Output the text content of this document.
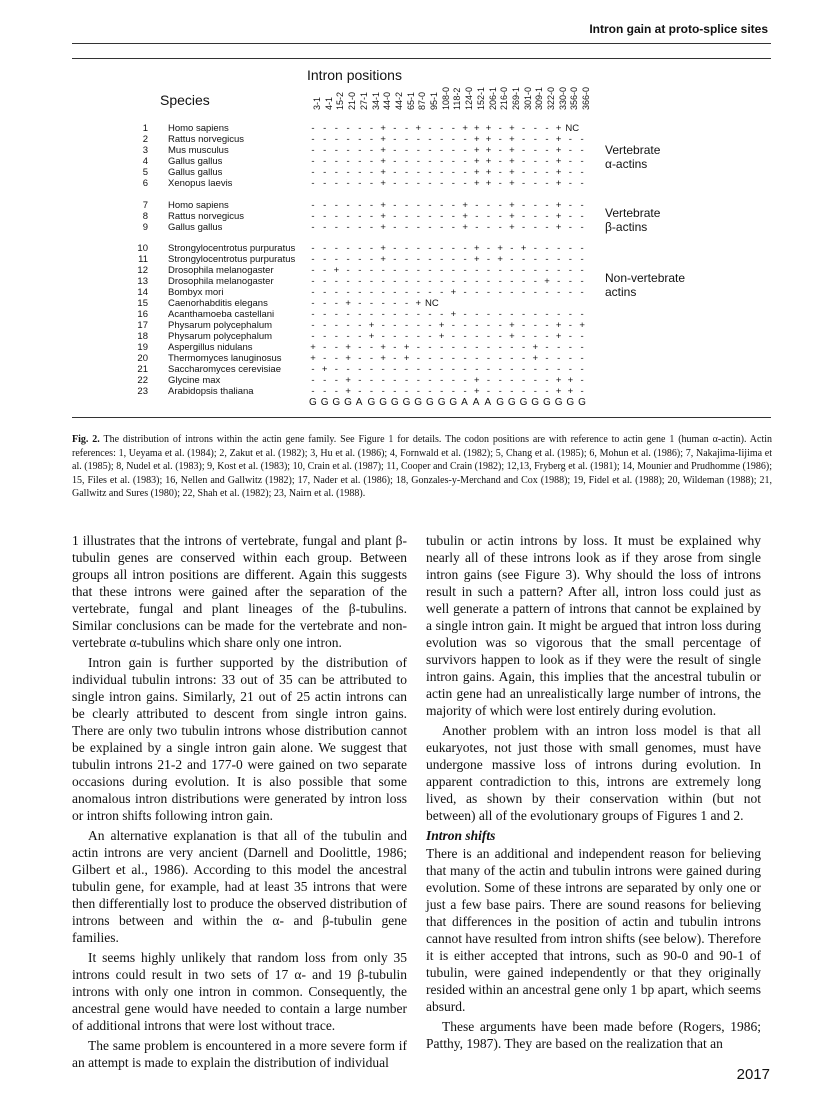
Intron gain at proto-splice sites
Intron positions
Species	3-1 4-1 15-2 21-0 27-1 34-1 44-0 44-2 65-1 87-0 95-1 108-0 118-2 124-0 152-1 206-1 216-0 269-1 301-0 309-1 322-0 330-0 356-0 366-0
1 Homo sapiens	- - - - - - + - - + - - - + + + - + - - - + NC
2 Rattus norvegicus	- - - - - - + - - - - - - - + + - + - - - + - -
3 Mus musculus	- - - - - - + - - - - - - - + + - + - - - + - -
4 Gallus gallus	- - - - - - + - - - - - - - + + - + - - - + - -
5 Gallus gallus	- - - - - - + - - - - - - - + + - + - - - + - -
6 Xenopus laevis	- - - - - - + - - - - - - - + + - + - - - + - -
7 Homo sapiens	- - - - - - + - - - - - - + - - - + - - - + - -
8 Rattus norvegicus	- - - - - - + - - - - - - + - - - + - - - + - -
9 Gallus gallus	- - - - - - + - - - - - - + - - - + - - - + - -
10 Strongylocentrotus purpuratus	- - - - - - + - - - - - - - + - + - + - - - - -
11 Strongylocentrotus purpuratus	- - - - - - + - - - - - - - + - + - - - - - - -
12 Drosophila melanogaster	- - + - - - - - - - - - - - - - - - - - - - - -
13 Drosophila melanogaster	- - - - - - - - - - - - - - - - - - - - + - - -
14 Bombyx mori	- - - - - - - - - - - - + - - - - - - - - - - -
15 Caenorhabditis elegans	- - - + - - - - - + NC
16 Acanthamoeba castellani	- - - - - - - - - - - - + - - - - - - - - - - -
17 Physarum polycephalum	- - - - - + - - - - - + - - - - - + - - - + - +
18 Physarum polycephalum	- - - - - + - - - - - + - - - - - + - - - + - -
19 Aspergillus nidulans	+ - - + - - + - + - - - - - - - - - - + - - - -
20 Thermomyces lanuginosus	+ - - + - - + - + - - - - - - - - - - + - - - -
21 Saccharomyces cerevisiae	- + - - - - - - - - - - - - - - - - - - - - - -
22 Glycine max	- - - + - - - - - - - - - - + - - - - - - + + -
23 Arabidopsis thaliana	- - - + - - - - - - - - - - + - - - - - - + + -
G G G G A G G G G G G G G A A A G G G G G G G G
Vertebrate
α-actins
Vertebrate
β-actins
Non-vertebrate
actins
Fig. 2. The distribution of introns within the actin gene family. See Figure 1 for details. The codon positions are with reference to actin gene 1 (human α-actin). Actin references: 1, Ueyama et al. (1984); 2, Zakut et al. (1982); 3, Hu et al. (1986); 4, Fornwald et al. (1982); 5, Chang et al. (1985); 6, Mohun et al. (1986); 7, Nakajima-Iijima et al. (1985); 8, Nudel et al. (1983); 9, Kost et al. (1983); 10, Crain et al. (1987); 11, Cooper and Crain (1982); 12,13, Fryberg et al. (1981); 14, Mounier and Prudhomme (1986); 15, Files et al. (1983); 16, Nellen and Gallwitz (1982); 17, Nader et al. (1986); 18, Gonzales-y-Merchand and Cox (1988); 19, Fidel et al. (1988); 20, Wildeman (1988); 21, Gallwitz and Sures (1980); 22, Shah et al. (1982); 23, Nairn et al. (1988).

1 illustrates that the introns of vertebrate, fungal and plant β-tubulin genes are conserved within each group. Between groups all intron positions are different. Again this suggests that these introns were gained after the separation of the vertebrate, fungal and plant lineages of the β-tubulins. Similar conclusions can be made for the vertebrate and non-vertebrate α-tubulins which share only one intron.

Intron gain is further supported by the distribution of individual tubulin introns: 33 out of 35 can be attributed to single intron gains. Similarly, 21 out of 25 actin introns can be clearly attributed to descent from single intron gains. There are only two tubulin introns whose distribution cannot be explained by a single intron gain alone. We suggest that tubulin introns 21-2 and 177-0 were gained on two separate occasions during evolution. It is also possible that some anomalous intron distributions were generated by intron loss or intron shifts following intron gain.

An alternative explanation is that all of the tubulin and actin introns are very ancient (Darnell and Doolittle, 1986; Gilbert et al., 1986). According to this model the ancestral tubulin gene, for example, had at least 35 introns that were then differentially lost to produce the observed distribution of introns between and within the α- and β-tubulin gene families.

It seems highly unlikely that random loss from only 35 introns could result in two sets of 17 α- and 19 β-tubulin introns with only one intron in common. Consequently, the ancestral gene would have needed to contain a large number of additional introns that were lost without trace.

The same problem is encountered in a more severe form if an attempt is made to explain the distribution of individual

tubulin or actin introns by loss. It must be explained why nearly all of these introns look as if they arose from single intron gains (see Figure 3). Why should the loss of introns result in such a pattern? After all, intron loss could just as well generate a pattern of introns that cannot be explained by a single intron gain. It might be argued that intron loss during evolution was so vigorous that the small percentage of survivors happen to look as if they were the result of single intron gains. Again, this implies that the ancestral tubulin or actin gene had an unrealistically large number of introns, the majority of which were lost entirely during evolution.

Another problem with an intron loss model is that all eukaryotes, not just those with small genomes, must have undergone massive loss of introns during evolution. In apparent contradiction to this, introns are extremely long lived, as shown by their conservation within (but not between) all of the evolutionary groups of Figures 1 and 2.

Intron shifts

There is an additional and independent reason for believing that many of the actin and tubulin introns were gained during evolution. Some of these introns are separated by only one or just a few base pairs. There are sound reasons for believing that differences in the position of actin and tubulin introns cannot have resulted from intron shifts (see below). Therefore it is either accepted that introns, such as 90-0 and 90-1 of tubulin, were gained independently or that they originally resided within an ancestral gene only 1 bp apart, which seems absurd.

These arguments have been made before (Rogers, 1986; Patthy, 1987). They are based on the realization that an

2017
